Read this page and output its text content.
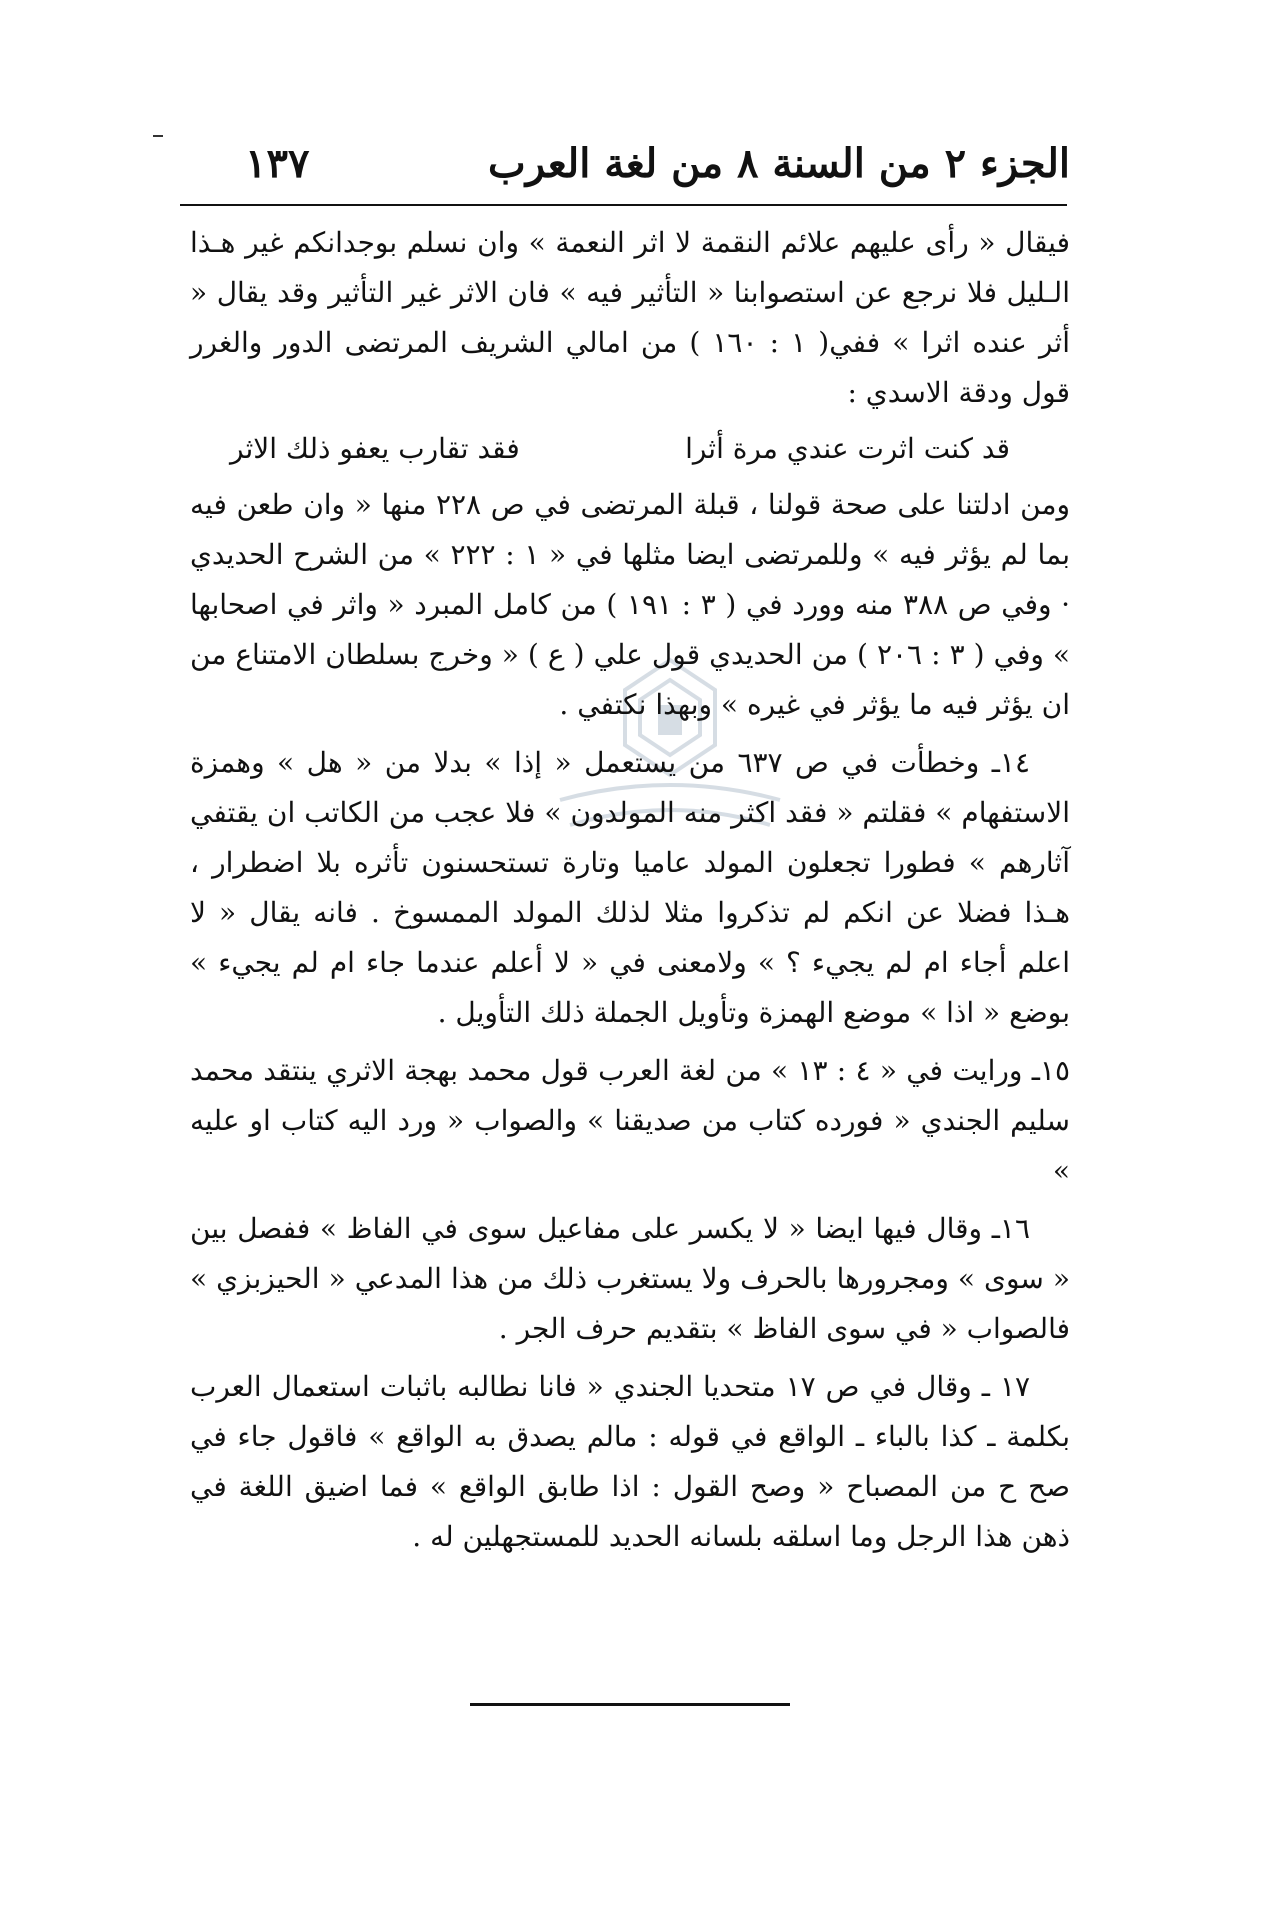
الجزء ٢ من السنة ٨ من لغة العرب
١٣٧

فيقال « رأى عليهم علائم النقمة لا اثر النعمة » وان نسلم بوجدانكم غير هـذا الـليل فلا نرجع عن استصوابنا « التأثير فيه » فان الاثر غير التأثير وقد يقال « أثر عنده اثرا » ففي( ١ : ١٦٠ ) من امالي الشريف المرتضى الدور والغرر قول ودقة الاسدي :

قد كنت اثرت عندي مرة أثرا
فقد تقارب يعفو ذلك الاثر

ومن ادلتنا على صحة قولنا ، قبلة المرتضى في ص ٢٢٨ منها « وان طعن فيه بما لم يؤثر فيه » وللمرتضى ايضا مثلها في « ١ : ٢٢٢ » من الشرح الحديدي · وفي ص ٣٨٨ منه وورد في ( ٣ : ١٩١ ) من كامل المبرد « واثر في اصحابها » وفي ( ٣ : ٢٠٦ ) من الحديدي قول علي ( ع ) « وخرج بسلطان الامتناع من ان يؤثر فيه ما يؤثر في غيره » وبهذا نكتفي .

١٤ـ وخطأت في ص ٦٣٧ من يستعمل « إذا » بدلا من « هل » وهمزة الاستفهام » فقلتم « فقد اكثر منه المولدون » فلا عجب من الكاتب ان يقتفي آثارهم » فطورا تجعلون المولد عاميا وتارة تستحسنون تأثره بلا اضطرار ، هـذا فضلا عن انكم لم تذكروا مثلا لذلك المولد الممسوخ . فانه يقال « لا اعلم أجاء ام لم يجيء ؟ » ولامعنى في « لا أعلم عندما جاء ام لم يجيء » بوضع « اذا » موضع الهمزة وتأويل الجملة ذلك التأويل .

١٥ـ ورايت في « ٤ : ١٣ » من لغة العرب قول محمد بهجة الاثري ينتقد محمد سليم الجندي « فورده كتاب من صديقنا » والصواب « ورد اليه كتاب او عليه »

١٦ـ وقال فيها ايضا « لا يكسر على مفاعيل سوى في الفاظ » ففصل بين « سوى » ومجرورها بالحرف ولا يستغرب ذلك من هذا المدعي « الحيزبزي » فالصواب « في سوى الفاظ » بتقديم حرف الجر .

١٧ ـ وقال في ص ١٧ متحديا الجندي « فانا نطالبه باثبات استعمال العرب بكلمة ـ كذا بالباء ـ الواقع في قوله : مالم يصدق به الواقع » فاقول جاء في صح ح من المصباح « وصح القول : اذا طابق الواقع » فما اضيق اللغة في ذهن هذا الرجل وما اسلقه بلسانه الحديد للمستجهلين له .
